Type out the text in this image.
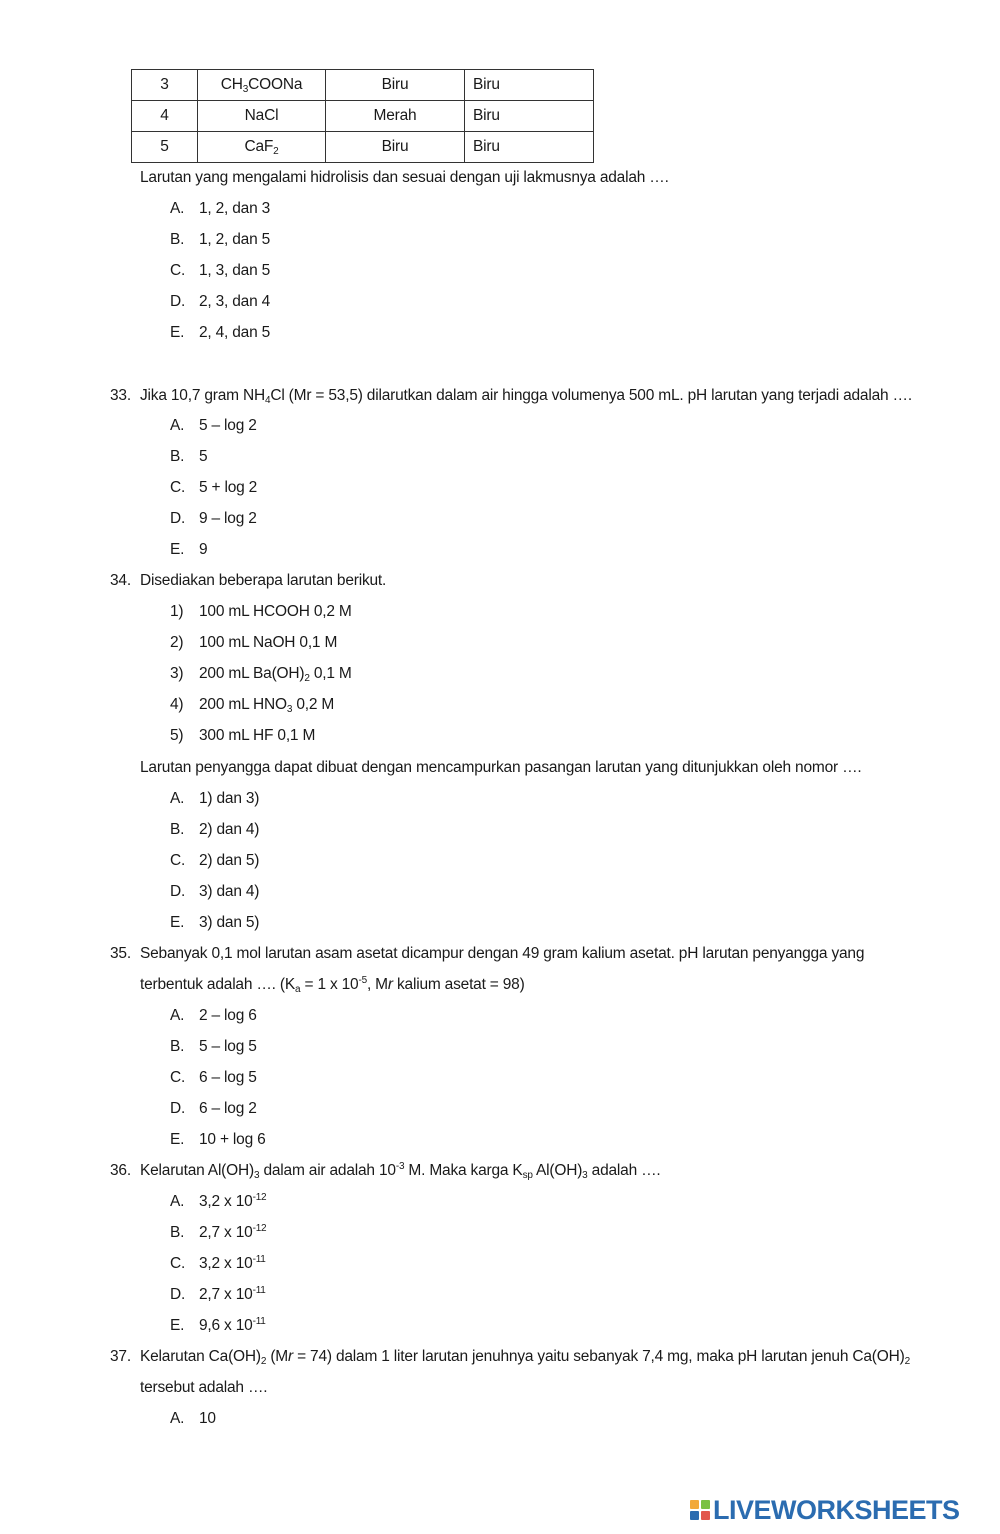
3	$CH_3COONa$	Biru	Biru
4	NaCl	Merah	Biru
5	CaF$_2$	Biru	Biru
Larutan yang mengalami hidrolisis dan sesuai dengan uji lakmusnya adalah ….
A. 1, 2, dan 3
B. 1, 2, dan 5
C. 1, 3, dan 5
D. 2, 3, dan 4
E. 2, 4, dan 5
33. Jika 10,7 gram $NH_4Cl$ (Mr = 53,5) dilarutkan dalam air hingga volumenya 500 mL. pH larutan yang terjadi adalah ….
A. 5 – log 2
B. 5
C. 5 + log 2
D. 9 – log 2
E. 9
34. Disediakan beberapa larutan berikut.
1) 100 mL HCOOH 0,2 M
2) 100 mL NaOH 0,1 M
3) 200 mL $Ba(OH)_2$ 0,1 M
4) 200 mL $HNO_3$ 0,2 M
5) 300 mL HF 0,1 M
Larutan penyangga dapat dibuat dengan mencampurkan pasangan larutan yang ditunjukkan oleh nomor ….
A. 1) dan 3)
B. 2) dan 4)
C. 2) dan 5)
D. 3) dan 4)
E. 3) dan 5)
35. Sebanyak 0,1 mol larutan asam asetat dicampur dengan 49 gram kalium asetat. pH larutan penyangga yang
terbentuk adalah …. ($K_a = 1$ x $10^{-5}$, Mr kalium asetat = 98)
A. 2 – log 6
B. 5 – log 5
C. 6 – log 5
D. 6 – log 2
E. 10 + log 6
36. Kelarutan $Al(OH)_3$ dalam air adalah $10^{-3}$ M. Maka karga $K_{sp}$ $Al(OH)_3$ adalah ….
A. 3,2 x $10^{-12}$
B. 2,7 x $10^{-12}$
C. 3,2 x $10^{-11}$
D. 2,7 x $10^{-11}$
E. 9,6 x $10^{-11}$
37. Kelarutan $Ca(OH)_2$ (Mr = 74) dalam 1 liter larutan jenuhnya yaitu sebanyak 7,4 mg, maka pH larutan jenuh $Ca(OH)_2$
tersebut adalah ….
A. 10
LIVEWORKSHEETS
